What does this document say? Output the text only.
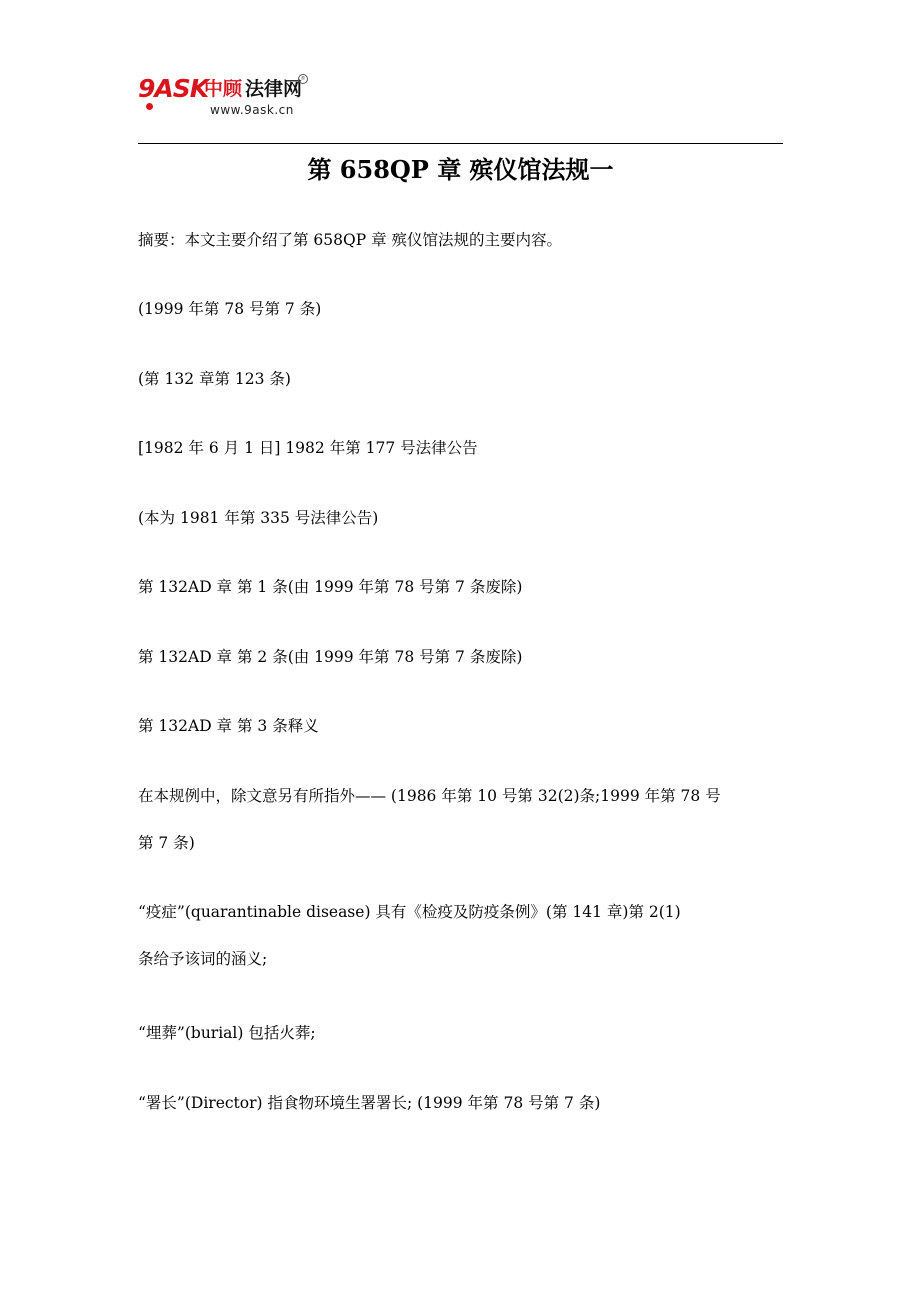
9ASK
中顾 法律网
®
www.9ask.cn
第 658QP 章 殡仪馆法规一
摘要：本文主要介绍了第 658QP 章 殡仪馆法规的主要内容。
(1999 年第 78 号第 7 条)
(第 132 章第 123 条)
[1982 年 6 月 1 日] 1982 年第 177 号法律公告
(本为 1981 年第 335 号法律公告)
第 132AD 章 第 1 条(由 1999 年第 78 号第 7 条废除)
第 132AD 章 第 2 条(由 1999 年第 78 号第 7 条废除)
第 132AD 章 第 3 条释义
在本规例中，除文意另有所指外—— (1986 年第 10 号第 32(2)条;1999 年第 78 号
第 7 条)
“疫症”(quarantinable disease) 具有《检疫及防疫条例》(第 141 章)第 2(1)
条给予该词的涵义;
“埋葬”(burial) 包括火葬;
“署长”(Director) 指食物环境生署署长; (1999 年第 78 号第 7 条)
